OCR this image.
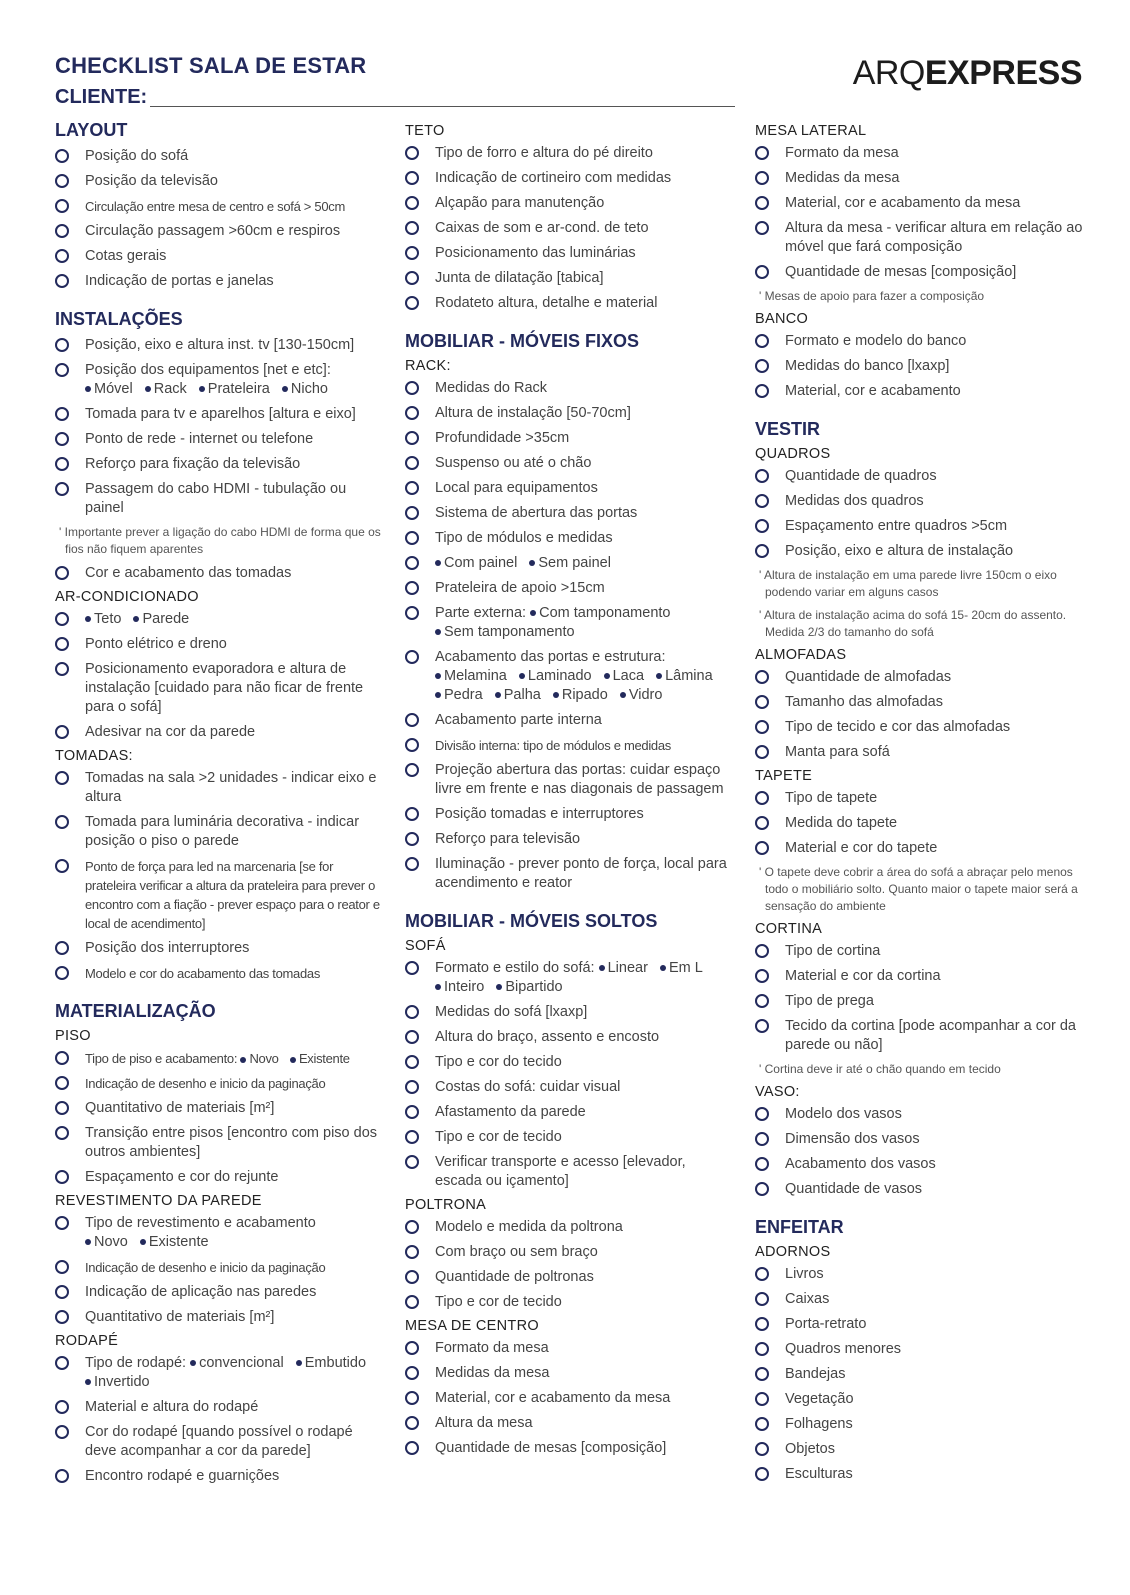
CHECKLIST SALA DE ESTAR
CLIENTE:
ARQEXPRESS
LAYOUT
Posição do sofá
Posição da televisão
Circulação entre mesa de centro e sofá > 50cm
Circulação passagem >60cm e respiros
Cotas gerais
Indicação de portas e janelas
INSTALAÇÕES
Posição, eixo e altura inst. tv [130-150cm]
Posição dos equipamentos [net e etc]:
Móvel Rack Prateleira Nicho
Tomada para tv e aparelhos [altura e eixo]
Ponto de rede - internet ou telefone
Reforço para fixação da televisão
Passagem do cabo HDMI - tubulação ou painel
' Importante prever a ligação do cabo HDMI de forma que os fios não fiquem aparentes
Cor e acabamento das tomadas
AR-CONDICIONADO
Teto Parede
Ponto elétrico e dreno
Posicionamento evaporadora e altura de instalação [cuidado para não ficar de frente para o sofá]
Adesivar na cor da parede
TOMADAS:
Tomadas na sala >2 unidades - indicar eixo e altura
Tomada para luminária decorativa - indicar posição o piso o parede
Ponto de força para led na marcenaria [se for prateleira verificar a altura da prateleira para prever o encontro com a fiação - prever espaço para o reator e local de acendimento]
Posição dos interruptores
Modelo e cor do acabamento das tomadas
MATERIALIZAÇÃO
PISO
Tipo de piso e acabamento: Novo Existente
Indicação de desenho e inicio da paginação
Quantitativo de materiais [m²]
Transição entre pisos [encontro com piso dos outros ambientes]
Espaçamento e cor do rejunte
REVESTIMENTO DA PAREDE
Tipo de revestimento e acabamento
Novo Existente
Indicação de desenho e inicio da paginação
Indicação de aplicação nas paredes
Quantitativo de materiais [m²]
RODAPÉ
Tipo de rodapé: convencional Embutido Invertido
Material e altura do rodapé
Cor do rodapé [quando possível o rodapé deve acompanhar a cor da parede]
Encontro rodapé e guarnições
TETO
Tipo de forro e altura do pé direito
Indicação de cortineiro com medidas
Alçapão para manutenção
Caixas de som e ar-cond. de teto
Posicionamento das luminárias
Junta de dilatação [tabica]
Rodateto altura, detalhe e material
MOBILIAR - MÓVEIS FIXOS
RACK:
Medidas do Rack
Altura de instalação [50-70cm]
Profundidade >35cm
Suspenso ou até o chão
Local para equipamentos
Sistema de abertura das portas
Tipo de módulos e medidas
Com painel Sem painel
Prateleira de apoio >15cm
Parte externa: Com tamponamento Sem tamponamento
Acabamento das portas e estrutura:
Melamina Laminado Laca Lâmina Pedra Palha Ripado Vidro
Acabamento parte interna
Divisão interna: tipo de módulos e medidas
Projeção abertura das portas: cuidar espaço livre em frente e nas diagonais de passagem
Posição tomadas e interruptores
Reforço para televisão
Iluminação - prever ponto de força, local para acendimento e reator
MOBILIAR - MÓVEIS SOLTOS
SOFÁ
Formato e estilo do sofá: Linear Em L Inteiro Bipartido
Medidas do sofá [lxaxp]
Altura do braço, assento e encosto
Tipo e cor do tecido
Costas do sofá: cuidar visual
Afastamento da parede
Tipo e cor de tecido
Verificar transporte e acesso [elevador, escada ou içamento]
POLTRONA
Modelo e medida da poltrona
Com braço ou sem braço
Quantidade de poltronas
Tipo e cor de tecido
MESA DE CENTRO
Formato da mesa
Medidas da mesa
Material, cor e acabamento da mesa
Altura da mesa
Quantidade de mesas [composição]
MESA LATERAL
Formato da mesa
Medidas da mesa
Material, cor e acabamento da mesa
Altura da mesa - verificar altura em relação ao móvel que fará composição
Quantidade de mesas [composição]
' Mesas de apoio para fazer a composição
BANCO
Formato e modelo do banco
Medidas do banco [lxaxp]
Material, cor e acabamento
VESTIR
QUADROS
Quantidade de quadros
Medidas dos quadros
Espaçamento entre quadros >5cm
Posição, eixo e altura de instalação
' Altura de instalação em uma parede livre 150cm o eixo podendo variar em alguns casos
' Altura de instalação acima do sofá 15- 20cm do assento. Medida 2/3 do tamanho do sofá
ALMOFADAS
Quantidade de almofadas
Tamanho das almofadas
Tipo de tecido e cor das almofadas
Manta para sofá
TAPETE
Tipo de tapete
Medida do tapete
Material e cor do tapete
' O tapete deve cobrir a área do sofá a abraçar pelo menos todo o mobiliário solto. Quanto maior o tapete maior será a sensação do ambiente
CORTINA
Tipo de cortina
Material e cor da cortina
Tipo de prega
Tecido da cortina [pode acompanhar a cor da parede ou não]
' Cortina deve ir até o chão quando em tecido
VASO:
Modelo dos vasos
Dimensão dos vasos
Acabamento dos vasos
Quantidade de vasos
ENFEITAR
ADORNOS
Livros
Caixas
Porta-retrato
Quadros menores
Bandejas
Vegetação
Folhagens
Objetos
Esculturas
